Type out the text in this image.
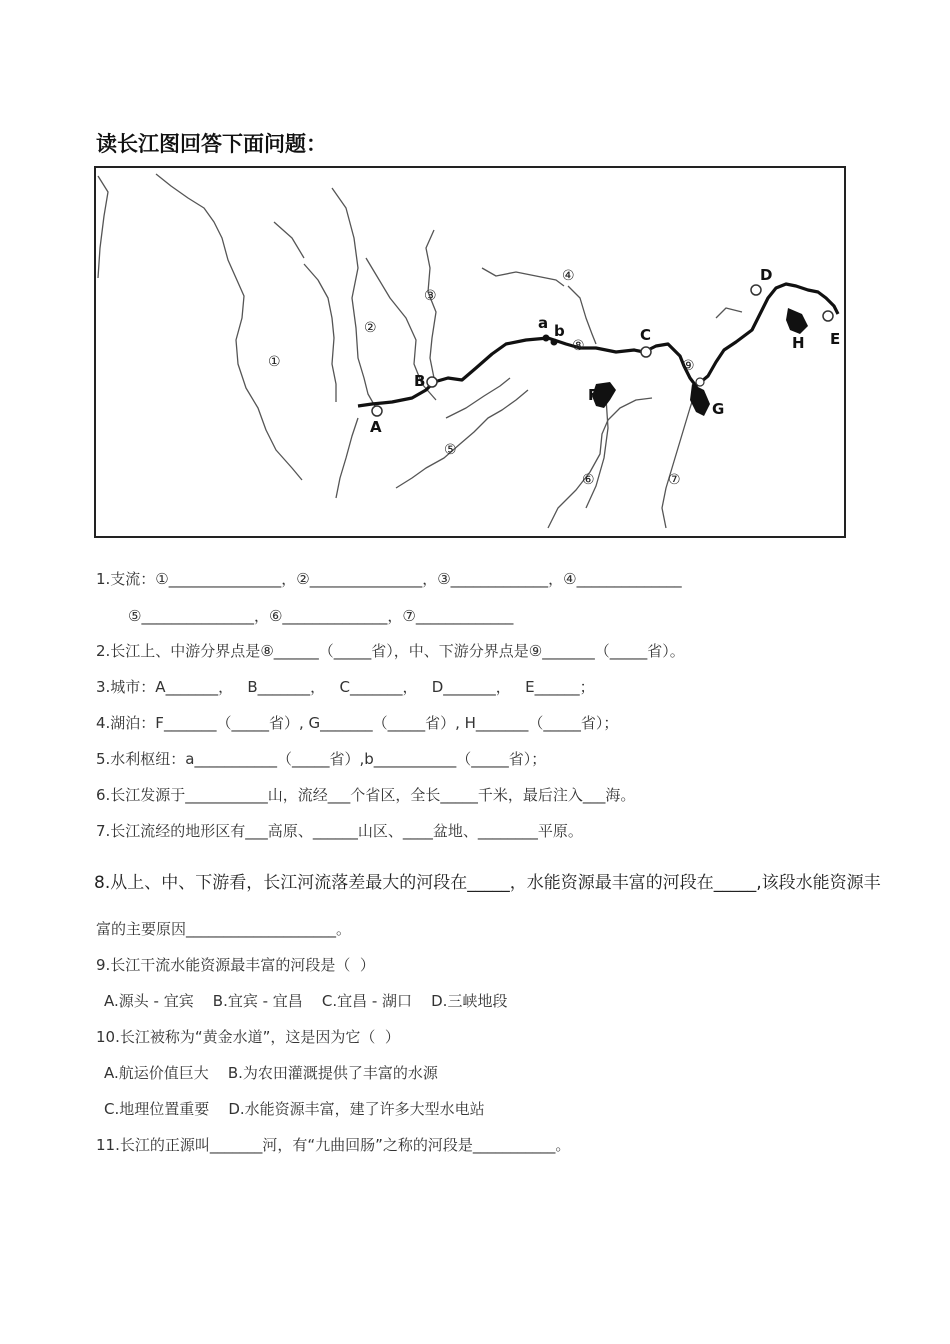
读长江图回答下面问题：
①
②
③
④
⑤
⑥	⑦
⑧
⑨
A
B
C
D
E
F
G
H
a b
1.支流：①_______________，②_______________，③_____________，④______________
⑤_______________，⑥______________，⑦_____________
2.长江上、中游分界点是⑧______（_____省），中、下游分界点是⑨_______（_____省）。
3.城市：A_______，   B_______，   C_______，   D_______，   E______；
4.湖泊：F_______（_____省）, G_______（_____省）, H_______（_____省）；
5.水利枢纽：a___________（_____省）,b___________（_____省）；
6.长江发源于___________山，流经___个省区，全长_____千米，最后注入___海。
7.长江流经的地形区有___高原、______山区、____盆地、________平原。
8.从上、中、下游看，长江河流落差最大的河段在_____，水能资源最丰富的河段在_____,该段水能资源丰
富的主要原因____________________。
9.长江干流水能资源最丰富的河段是（  ）
A.源头 - 宜宾    B.宜宾 - 宜昌    C.宜昌 - 湖口    D.三峡地段
10.长江被称为“黄金水道”，这是因为它（  ）
A.航运价值巨大    B.为农田灌溉提供了丰富的水源
C.地理位置重要    D.水能资源丰富，建了许多大型水电站
11.长江的正源叫_______河，有“九曲回肠”之称的河段是___________。
